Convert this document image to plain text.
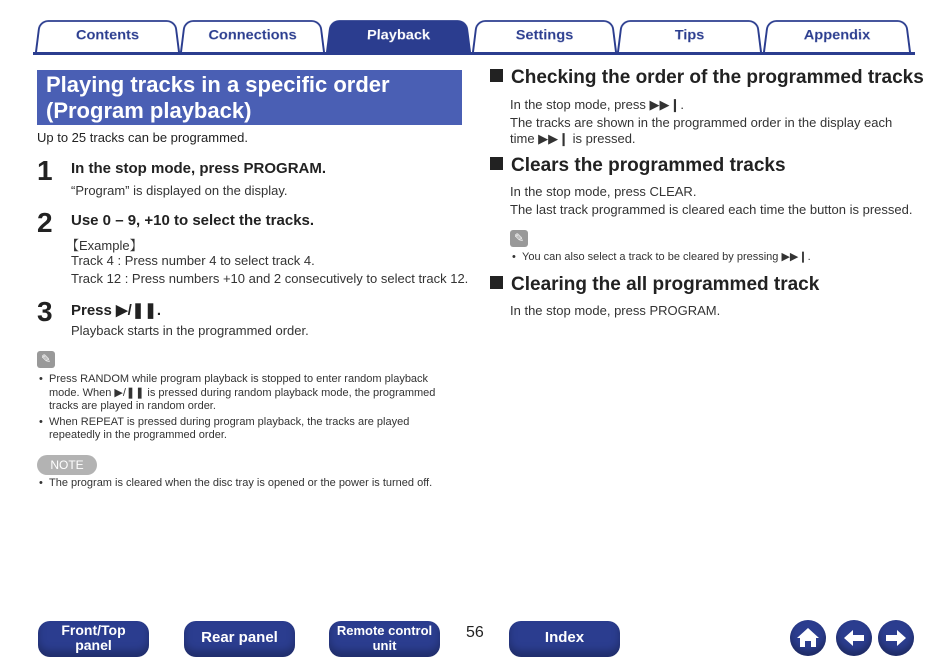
Contents	Connections	Playback	Settings	Tips	Appendix
Playing tracks in a specific order
(Program playback)
Up to 25 tracks can be programmed.
1 In the stop mode, press PROGRAM.
“Program” is displayed on the display.
2 Use 0 – 9, +10 to select the tracks.
【Example】
Track 4 : Press number 4 to select track 4.
Track 12 : Press numbers +10 and 2 consecutively to select track 12.
3 Press ▶/❚❚.
Playback starts in the programmed order.
✎
• Press RANDOM while program playback is stopped to enter random playback mode. When ▶/❚❚ is pressed during random playback mode, the programmed tracks are played in random order.
• When REPEAT is pressed during program playback, the tracks are played repeatedly in the programmed order.
NOTE
• The program is cleared when the disc tray is opened or the power is turned off.
Checking the order of the programmed tracks
In the stop mode, press ▶▶❙.
The tracks are shown in the programmed order in the display each
time ▶▶❙ is pressed.
Clears the programmed tracks
In the stop mode, press CLEAR.
The last track programmed is cleared each time the button is pressed.
✎
• You can also select a track to be cleared by pressing ▶▶❙.
Clearing the all programmed track
In the stop mode, press PROGRAM.
Front/Top
panel	Rear panel	Remote control
unit
56	Index
